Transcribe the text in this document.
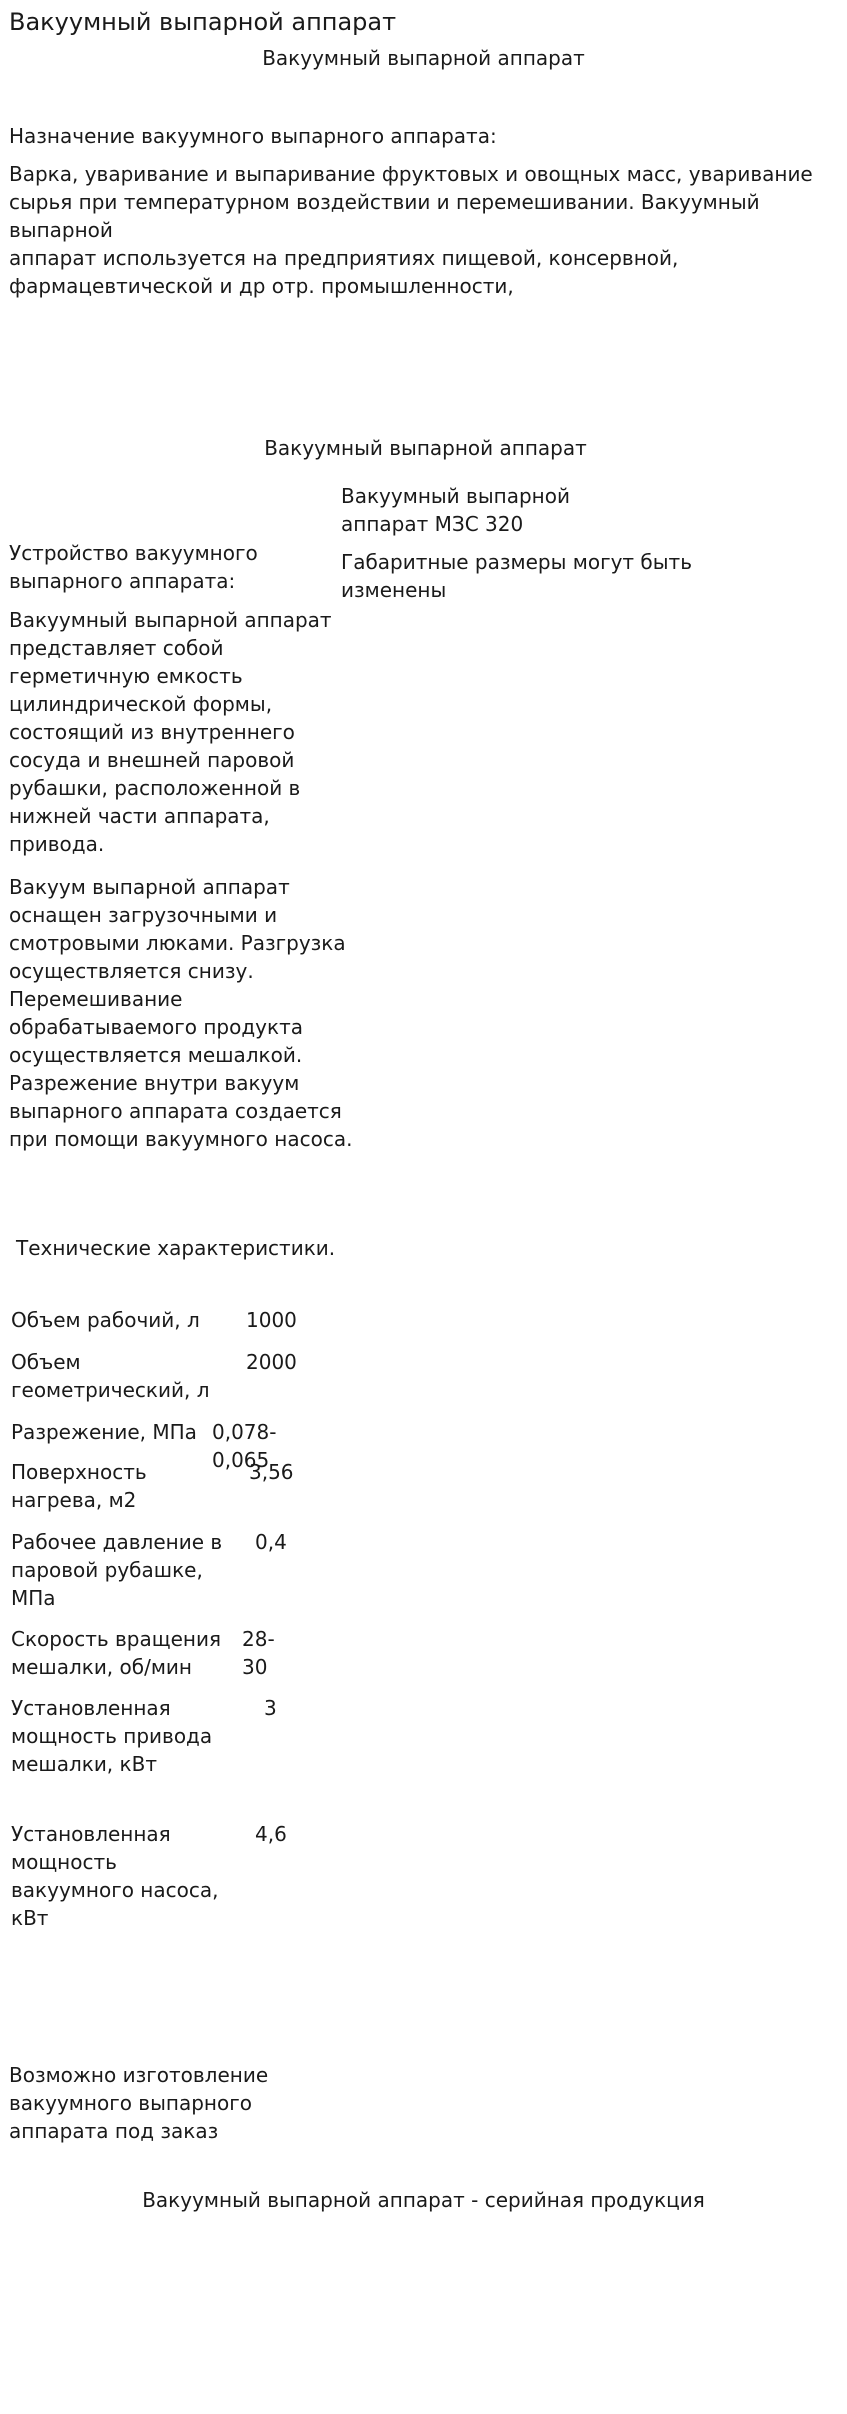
Вакуумный выпарной аппарат
Вакуумный выпарной аппарат
Назначение вакуумного выпарного аппарата:
Варка, уваривание и выпаривание фруктовых и овощных масс, уваривание
сырья при температурном воздействии и перемешивании. Вакуумный выпарной
аппарат используется на предприятиях пищевой, консервной,
фармацевтической и др отр. промышленности,
Вакуумный выпарной аппарат
Вакуумный выпарной
аппарат МЗС 320
Габаритные размеры могут быть
изменены
Устройство вакуумного
выпарного аппарата:
Вакуумный выпарной аппарат
представляет собой
герметичную емкость
цилиндрической формы,
состоящий из внутреннего
сосуда и внешней паровой
рубашки, расположенной в
нижней части аппарата,
привода.
Вакуум выпарной аппарат
оснащен загрузочными и
смотровыми люками. Разгрузка
осуществляется снизу.
Перемешивание
обрабатываемого продукта
осуществляется мешалкой.
Разрежение внутри вакуум
выпарного аппарата создается
при помощи вакуумного насоса.
Технические характеристики.
Объем рабочий, л 1000
Объем геометрический, л
2000
Разрежение, МПа 0,078-0,065
Поверхность нагрева, м2
3,56
Рабочее давление в паровой рубашке, МПа
0,4
Скорость вращения мешалки, об/мин
28-30
Установленная мощность привода мешалки, кВт
3
Установленная мощность вакуумного насоса, кВт
4,6
Возможно изготовление
вакуумного выпарного
аппарата под заказ
Вакуумный выпарной аппарат - серийная продукция
